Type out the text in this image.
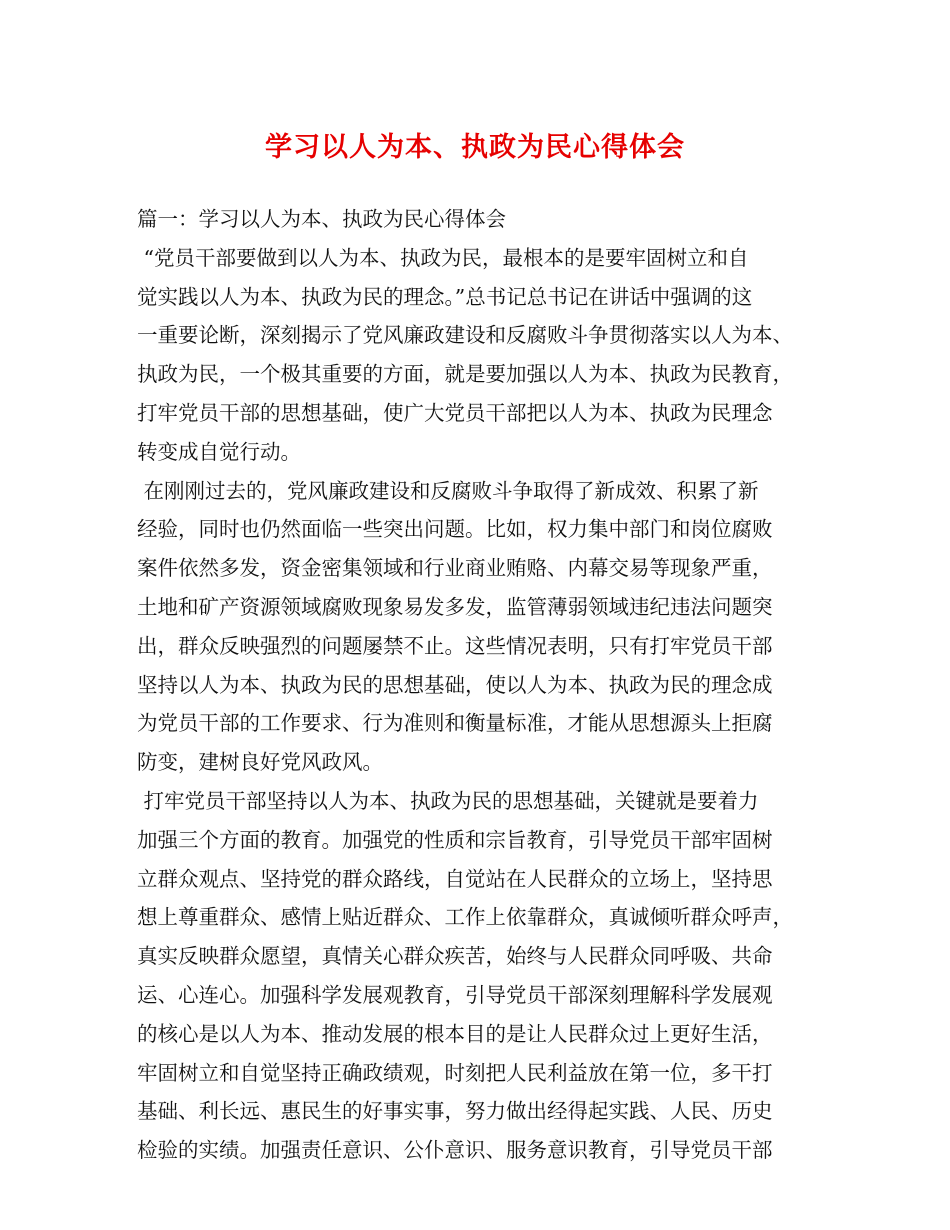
学习以人为本、执政为民心得体会
篇一：学习以人为本、执政为民心得体会
“党员干部要做到以人为本、执政为民，最根本的是要牢固树立和自
觉实践以人为本、执政为民的理念。”总书记总书记在讲话中强调的这
一重要论断，深刻揭示了党风廉政建设和反腐败斗争贯彻落实以人为本、
执政为民，一个极其重要的方面，就是要加强以人为本、执政为民教育，
打牢党员干部的思想基础，使广大党员干部把以人为本、执政为民理念
转变成自觉行动。
在刚刚过去的，党风廉政建设和反腐败斗争取得了新成效、积累了新
经验，同时也仍然面临一些突出问题。比如，权力集中部门和岗位腐败
案件依然多发，资金密集领域和行业商业贿赂、内幕交易等现象严重，
土地和矿产资源领域腐败现象易发多发，监管薄弱领域违纪违法问题突
出，群众反映强烈的问题屡禁不止。这些情况表明，只有打牢党员干部
坚持以人为本、执政为民的思想基础，使以人为本、执政为民的理念成
为党员干部的工作要求、行为准则和衡量标准，才能从思想源头上拒腐
防变，建树良好党风政风。
打牢党员干部坚持以人为本、执政为民的思想基础，关键就是要着力
加强三个方面的教育。加强党的性质和宗旨教育，引导党员干部牢固树
立群众观点、坚持党的群众路线，自觉站在人民群众的立场上，坚持思
想上尊重群众、感情上贴近群众、工作上依靠群众，真诚倾听群众呼声，
真实反映群众愿望，真情关心群众疾苦，始终与人民群众同呼吸、共命
运、心连心。加强科学发展观教育，引导党员干部深刻理解科学发展观
的核心是以人为本、推动发展的根本目的是让人民群众过上更好生活，
牢固树立和自觉坚持正确政绩观，时刻把人民利益放在第一位，多干打
基础、利长远、惠民生的好事实事，努力做出经得起实践、人民、历史
检验的实绩。加强责任意识、公仆意识、服务意识教育，引导党员干部
